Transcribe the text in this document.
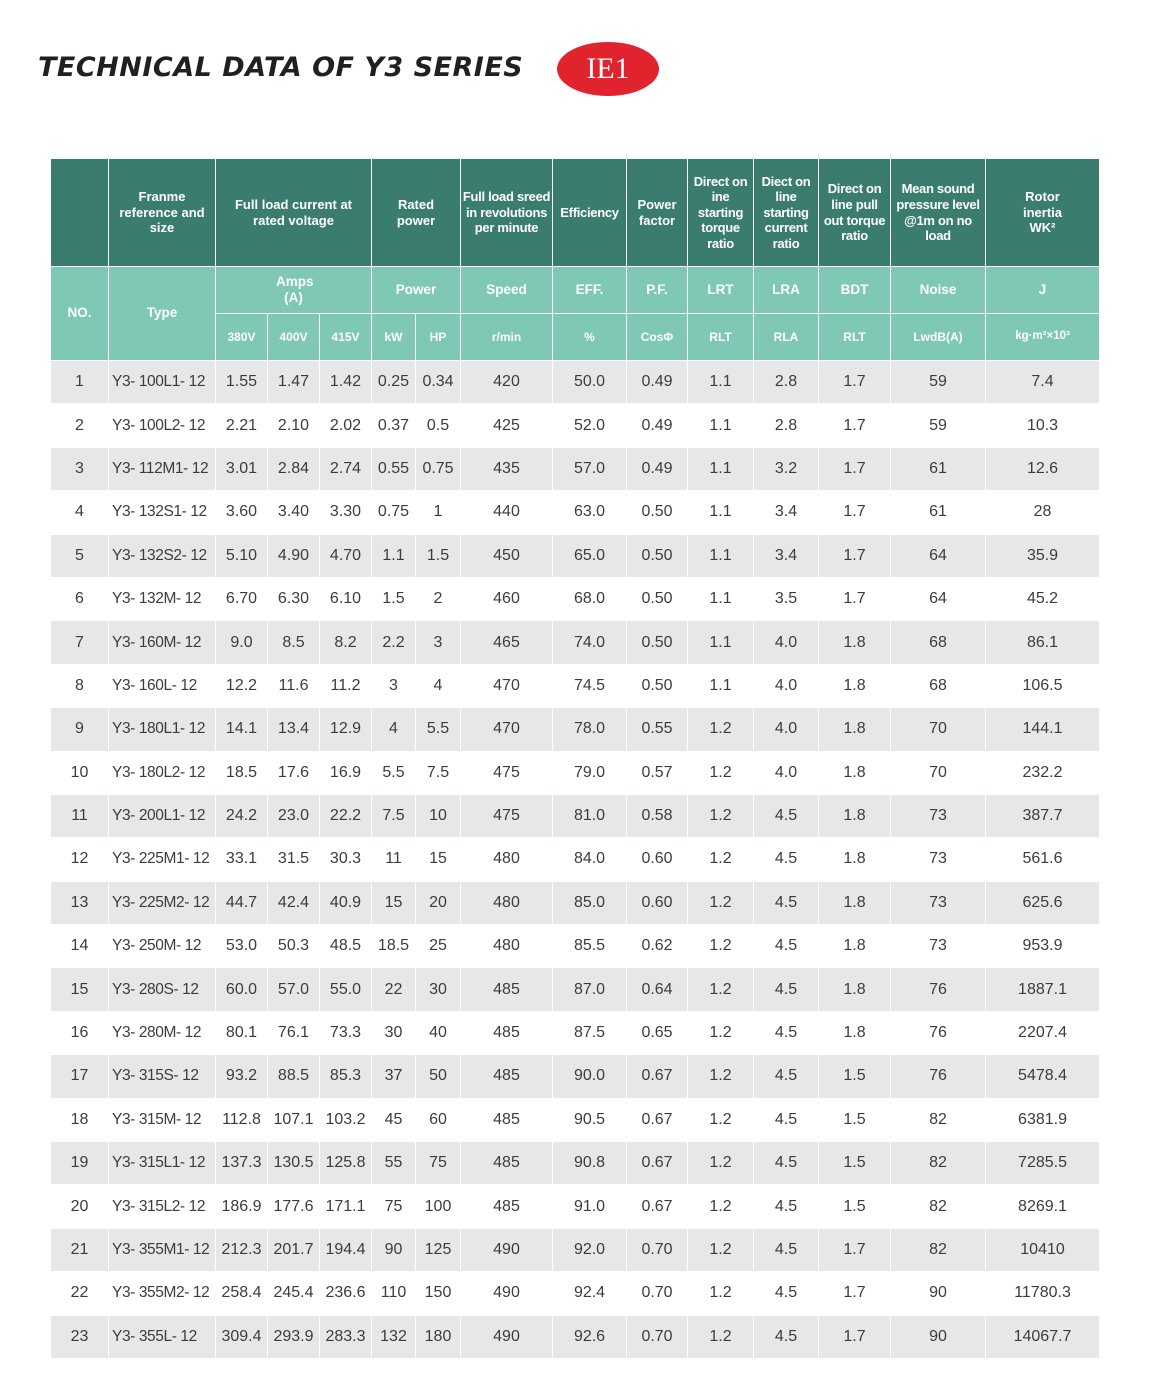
TECHNICAL DATA OF Y3 SERIES IE1
	Franme reference and size	Full load current at rated voltage			Rated power		Full load sreed in revolutions per minute	Efficiency	Power factor	Direct on ine starting torque ratio	Diect on line starting current ratio	Direct on line pull out torque ratio	Mean sound pressure level @1m on no load	Rotor inertia WK²
NO.	Type	Amps (A)			Power		Speed	EFF.	P.F.	LRT	LRA	BDT	Noise	J
		380V	400V	415V	kW	HP	r/min	%	CosΦ	RLT	RLA	RLT	LwdB(A)	kg·m²×10³
1	Y3- 100L1- 12	1.55	1.47	1.42	0.25	0.34	420	50.0	0.49	1.1	2.8	1.7	59	7.4
2	Y3- 100L2- 12	2.21	2.10	2.02	0.37	0.5	425	52.0	0.49	1.1	2.8	1.7	59	10.3
3	Y3- 112M1- 12	3.01	2.84	2.74	0.55	0.75	435	57.0	0.49	1.1	3.2	1.7	61	12.6
4	Y3- 132S1- 12	3.60	3.40	3.30	0.75	1	440	63.0	0.50	1.1	3.4	1.7	61	28
5	Y3- 132S2- 12	5.10	4.90	4.70	1.1	1.5	450	65.0	0.50	1.1	3.4	1.7	64	35.9
6	Y3- 132M- 12	6.70	6.30	6.10	1.5	2	460	68.0	0.50	1.1	3.5	1.7	64	45.2
7	Y3- 160M- 12	9.0	8.5	8.2	2.2	3	465	74.0	0.50	1.1	4.0	1.8	68	86.1
8	Y3- 160L- 12	12.2	11.6	11.2	3	4	470	74.5	0.50	1.1	4.0	1.8	68	106.5
9	Y3- 180L1- 12	14.1	13.4	12.9	4	5.5	470	78.0	0.55	1.2	4.0	1.8	70	144.1
10	Y3- 180L2- 12	18.5	17.6	16.9	5.5	7.5	475	79.0	0.57	1.2	4.0	1.8	70	232.2
11	Y3- 200L1- 12	24.2	23.0	22.2	7.5	10	475	81.0	0.58	1.2	4.5	1.8	73	387.7
12	Y3- 225M1- 12	33.1	31.5	30.3	11	15	480	84.0	0.60	1.2	4.5	1.8	73	561.6
13	Y3- 225M2- 12	44.7	42.4	40.9	15	20	480	85.0	0.60	1.2	4.5	1.8	73	625.6
14	Y3- 250M- 12	53.0	50.3	48.5	18.5	25	480	85.5	0.62	1.2	4.5	1.8	73	953.9
15	Y3- 280S- 12	60.0	57.0	55.0	22	30	485	87.0	0.64	1.2	4.5	1.8	76	1887.1
16	Y3- 280M- 12	80.1	76.1	73.3	30	40	485	87.5	0.65	1.2	4.5	1.8	76	2207.4
17	Y3- 315S- 12	93.2	88.5	85.3	37	50	485	90.0	0.67	1.2	4.5	1.5	76	5478.4
18	Y3- 315M- 12	112.8	107.1	103.2	45	60	485	90.5	0.67	1.2	4.5	1.5	82	6381.9
19	Y3- 315L1- 12	137.3	130.5	125.8	55	75	485	90.8	0.67	1.2	4.5	1.5	82	7285.5
20	Y3- 315L2- 12	186.9	177.6	171.1	75	100	485	91.0	0.67	1.2	4.5	1.5	82	8269.1
21	Y3- 355M1- 12	212.3	201.7	194.4	90	125	490	92.0	0.70	1.2	4.5	1.7	82	10410
22	Y3- 355M2- 12	258.4	245.4	236.6	110	150	490	92.4	0.70	1.2	4.5	1.7	90	11780.3
23	Y3- 355L- 12	309.4	293.9	283.3	132	180	490	92.6	0.70	1.2	4.5	1.7	90	14067.7
